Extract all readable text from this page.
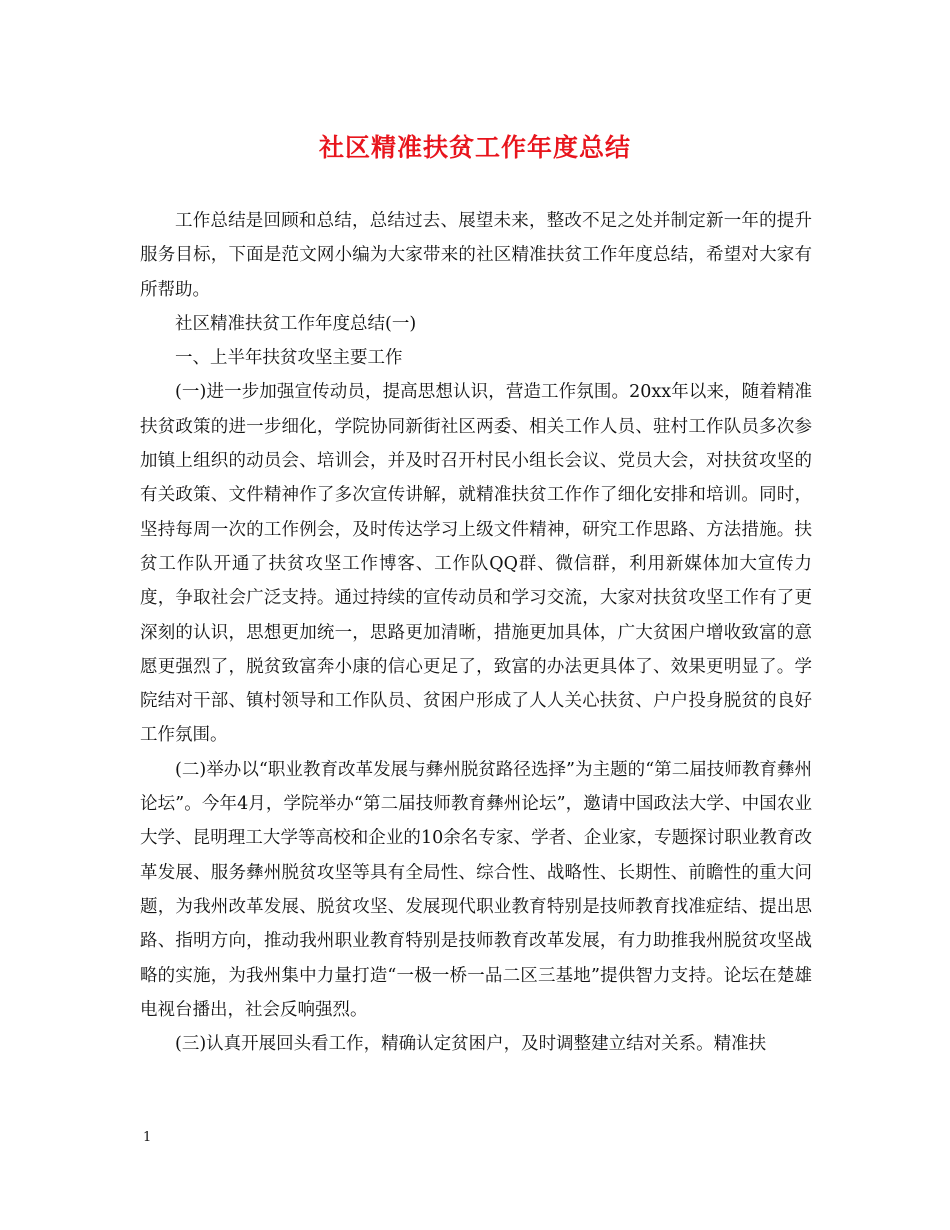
社区精准扶贫工作年度总结

工作总结是回顾和总结，总结过去、展望未来，整改不足之处并制定新一年的提升服务目标，下面是范文网小编为大家带来的社区精准扶贫工作年度总结，希望对大家有所帮助。

社区精准扶贫工作年度总结(一)

一、上半年扶贫攻坚主要工作

(一)进一步加强宣传动员，提高思想认识，营造工作氛围。20xx年以来，随着精准扶贫政策的进一步细化，学院协同新街社区两委、相关工作人员、驻村工作队员多次参加镇上组织的动员会、培训会，并及时召开村民小组长会议、党员大会，对扶贫攻坚的有关政策、文件精神作了多次宣传讲解，就精准扶贫工作作了细化安排和培训。同时，坚持每周一次的工作例会，及时传达学习上级文件精神，研究工作思路、方法措施。扶贫工作队开通了扶贫攻坚工作博客、工作队QQ群、微信群，利用新媒体加大宣传力度，争取社会广泛支持。通过持续的宣传动员和学习交流，大家对扶贫攻坚工作有了更深刻的认识，思想更加统一，思路更加清晰，措施更加具体，广大贫困户增收致富的意愿更强烈了，脱贫致富奔小康的信心更足了，致富的办法更具体了、效果更明显了。学院结对干部、镇村领导和工作队员、贫困户形成了人人关心扶贫、户户投身脱贫的良好工作氛围。

(二)举办以“职业教育改革发展与彝州脱贫路径选择”为主题的“第二届技师教育彝州论坛”。今年4月，学院举办“第二届技师教育彝州论坛”，邀请中国政法大学、中国农业大学、昆明理工大学等高校和企业的10余名专家、学者、企业家，专题探讨职业教育改革发展、服务彝州脱贫攻坚等具有全局性、综合性、战略性、长期性、前瞻性的重大问题，为我州改革发展、脱贫攻坚、发展现代职业教育特别是技师教育找准症结、提出思路、指明方向，推动我州职业教育特别是技师教育改革发展，有力助推我州脱贫攻坚战略的实施，为我州集中力量打造“一极一桥一品二区三基地”提供智力支持。论坛在楚雄电视台播出，社会反响强烈。

(三)认真开展回头看工作，精确认定贫困户，及时调整建立结对关系。精准扶

1
